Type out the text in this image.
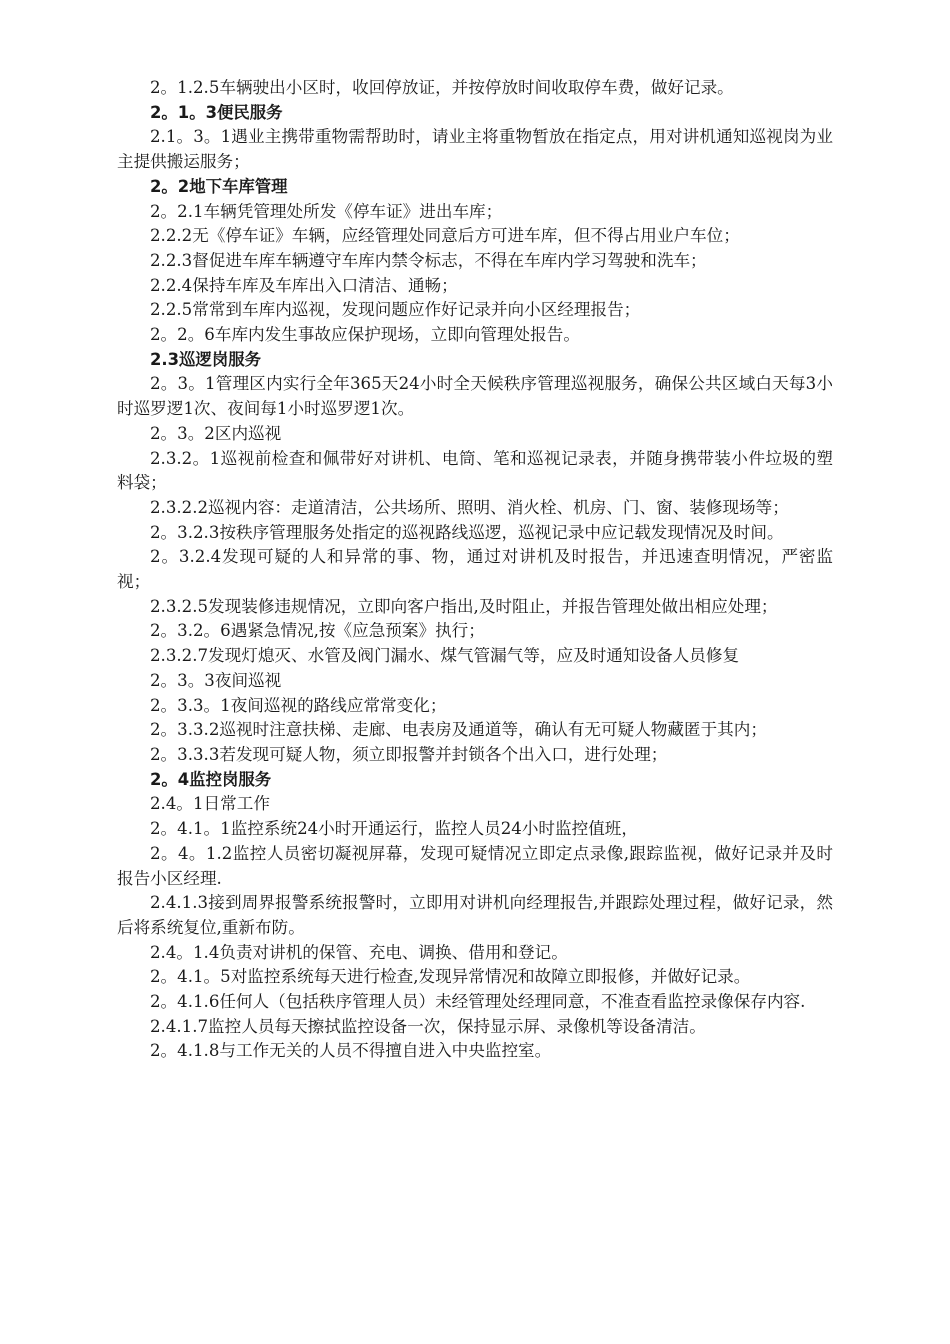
2。1.2.5车辆驶出小区时，收回停放证，并按停放时间收取停车费，做好记录。

2。1。3便民服务

2.1。3。1遇业主携带重物需帮助时，请业主将重物暂放在指定点，用对讲机通知巡视岗为业主提供搬运服务；

2。2地下车库管理

2。2.1车辆凭管理处所发《停车证》进出车库；

2.2.2无《停车证》车辆，应经管理处同意后方可进车库，但不得占用业户车位；

2.2.3督促进车库车辆遵守车库内禁令标志，不得在车库内学习驾驶和洗车；

2.2.4保持车库及车库出入口清洁、通畅；

2.2.5常常到车库内巡视，发现问题应作好记录并向小区经理报告；

2。2。6车库内发生事故应保护现场，立即向管理处报告。

2.3巡逻岗服务

2。3。1管理区内实行全年365天24小时全天候秩序管理巡视服务，确保公共区域白天每3小时巡罗逻1次、夜间每1小时巡罗逻1次。

2。3。2区内巡视

2.3.2。1巡视前检查和佩带好对讲机、电筒、笔和巡视记录表，并随身携带装小件垃圾的塑料袋；

2.3.2.2巡视内容：走道清洁，公共场所、照明、消火栓、机房、门、窗、装修现场等；

2。3.2.3按秩序管理服务处指定的巡视路线巡逻，巡视记录中应记载发现情况及时间。

2。3.2.4发现可疑的人和异常的事、物，通过对讲机及时报告，并迅速查明情况，严密监视；

2.3.2.5发现装修违规情况，立即向客户指出,及时阻止，并报告管理处做出相应处理；

2。3.2。6遇紧急情况,按《应急预案》执行；

2.3.2.7发现灯熄灭、水管及阀门漏水、煤气管漏气等，应及时通知设备人员修复

2。3。3夜间巡视

2。3.3。1夜间巡视的路线应常常变化；

2。3.3.2巡视时注意扶梯、走廊、电表房及通道等，确认有无可疑人物藏匿于其内；

2。3.3.3若发现可疑人物，须立即报警并封锁各个出入口，进行处理；

2。4监控岗服务

2.4。1日常工作

2。4.1。1监控系统24小时开通运行，监控人员24小时监控值班，

2。4。1.2监控人员密切凝视屏幕，发现可疑情况立即定点录像,跟踪监视，做好记录并及时报告小区经理.

2.4.1.3接到周界报警系统报警时，立即用对讲机向经理报告,并跟踪处理过程，做好记录，然后将系统复位,重新布防。

2.4。1.4负责对讲机的保管、充电、调换、借用和登记。

2。4.1。5对监控系统每天进行检查,发现异常情况和故障立即报修，并做好记录。

2。4.1.6任何人（包括秩序管理人员）未经管理处经理同意，不准查看监控录像保存内容.

2.4.1.7监控人员每天擦拭监控设备一次，保持显示屏、录像机等设备清洁。

2。4.1.8与工作无关的人员不得擅自进入中央监控室。
